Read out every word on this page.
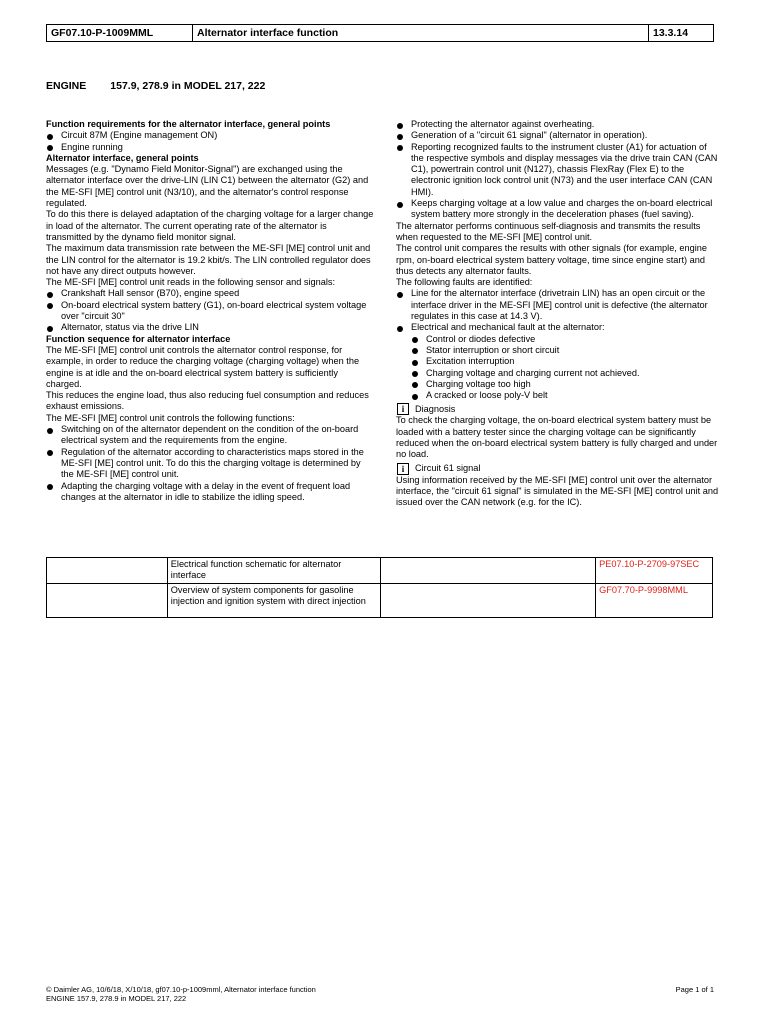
GF07.10-P-1009MML	Alternator interface function	13.3.14
ENGINE 157.9, 278.9 in MODEL 217, 222

Function requirements for the alternator interface, general points

Circuit 87M (Engine management ON)
Engine running

Alternator interface, general points

Messages (e.g. "Dynamo Field Monitor-Signal") are exchanged using the alternator interface over the drive-LIN (LIN C1) between the alternator (G2) and the ME-SFI [ME] control unit (N3/10), and the alternator's control response regulated.

To do this there is delayed adaptation of the charging voltage for a larger change in load of the alternator. The current operating rate of the alternator is transmitted by the dynamo field monitor signal.

The maximum data transmission rate between the ME-SFI [ME] control unit and the LIN control for the alternator is 19.2 kbit/s. The LIN controlled regulator does not have any direct outputs however.

The ME-SFI [ME] control unit reads in the following sensor and signals:

Crankshaft Hall sensor (B70), engine speed
On-board electrical system battery (G1), on-board electrical system voltage over "circuit 30"
Alternator, status via the drive LIN

Function sequence for alternator interface

The ME-SFI [ME] control unit controls the alternator control response, for example, in order to reduce the charging voltage (charging voltage) when the engine is at idle and the on-board electrical system battery is sufficiently charged.

This reduces the engine load, thus also reducing fuel consumption and reduces exhaust emissions.

The ME-SFI [ME] control unit controls the following functions:

Switching on of the alternator dependent on the condition of the on-board electrical system and the requirements from the engine.
Regulation of the alternator according to characteristics maps stored in the ME-SFI [ME] control unit. To do this the charging voltage is determined by the ME-SFI [ME] control unit.
Adapting the charging voltage with a delay in the event of frequent load changes at the alternator in idle to stabilize the idling speed.
Protecting the alternator against overheating.
Generation of a "circuit 61 signal" (alternator in operation).
Reporting recognized faults to the instrument cluster (A1) for actuation of the respective symbols and display messages via the drive train CAN (CAN C1), powertrain control unit (N127), chassis FlexRay (Flex E) to the electronic ignition lock control unit (N73) and the user interface CAN (CAN HMI).
Keeps charging voltage at a low value and charges the on-board electrical system battery more strongly in the deceleration phases (fuel saving).

The alternator performs continuous self-diagnosis and transmits the results when requested to the ME-SFI [ME] control unit.

The control unit compares the results with other signals (for example, engine rpm, on-board electrical system battery voltage, time since engine start) and thus detects any alternator faults.

The following faults are identified:

Line for the alternator interface (drivetrain LIN) has an open circuit or the interface driver in the ME-SFI [ME] control unit is defective (the alternator regulates in this case at 14.3 V).
Electrical and mechanical fault at the alternator:
Control or diodes defective
Stator interruption or short circuit
Excitation interruption
Charging voltage and charging current not achieved.
Charging voltage too high
A cracked or loose poly-V belt
i	Diagnosis

To check the charging voltage, the on-board electrical system battery must be loaded with a battery tester since the charging voltage can be significantly reduced when the on-board electrical system battery is fully charged and under no load.

i	Circuit 61 signal

Using information received by the ME-SFI [ME] control unit over the alternator interface, the "circuit 61 signal" is simulated in the ME-SFI [ME] control unit and issued over the CAN network (e.g. for the IC).

	Electrical function schematic for alternator interface		PE07.10-P-2709-97SEC
	Overview of system components for gasoline injection and ignition system with direct injection		GF07.70-P-9998MML
© Daimler AG, 10/6/18, X/10/18, gf07.10-p-1009mml, Alternator interface function
ENGINE 157.9, 278.9 in MODEL 217, 222
Page 1 of 1
